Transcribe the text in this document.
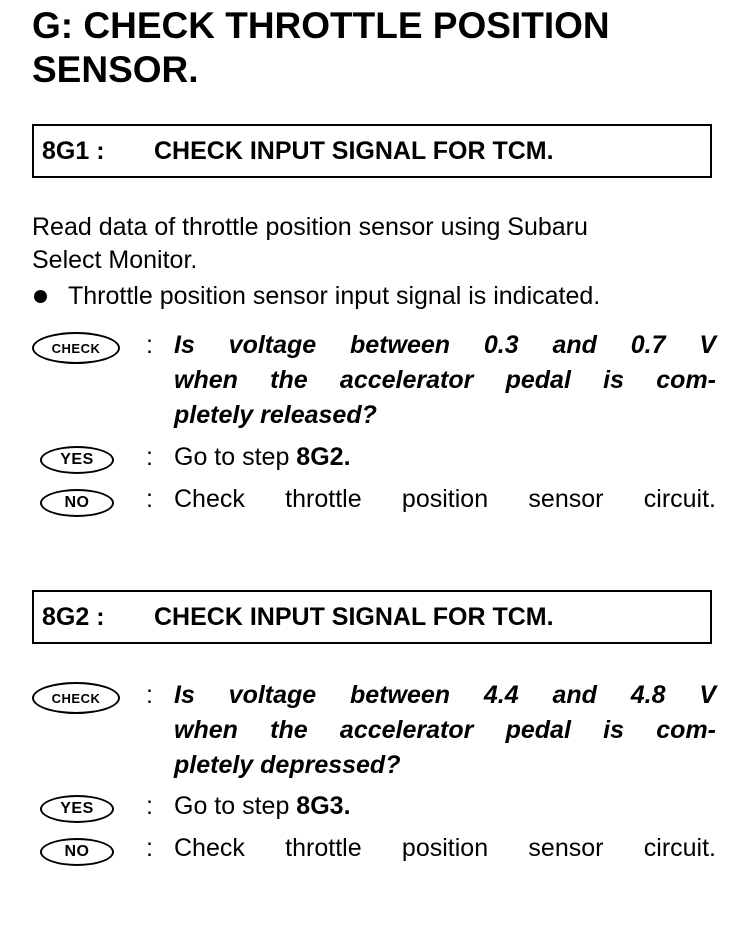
G: CHECK THROTTLE POSITION
SENSOR.
8G1 : CHECK INPUT SIGNAL FOR TCM.
Read data of throttle position sensor using Subaru
Select Monitor.
Throttle position sensor input signal is indicated.
CHECK : Is voltage between 0.3 and 0.7 V
when the accelerator pedal is com-
pletely released?
YES : Go to step 8G2.
NO : Check throttle position sensor circuit.
8G2 : CHECK INPUT SIGNAL FOR TCM.
CHECK : Is voltage between 4.4 and 4.8 V
when the accelerator pedal is com-
pletely depressed?
YES : Go to step 8G3.
NO : Check throttle position sensor circuit.
